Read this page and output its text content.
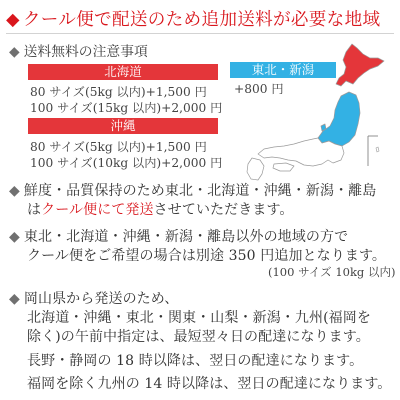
◆ クール便で配送のため追加送料が必要な地域
◆ 送料無料の注意事項
北海道
80 サイズ(5kg 以内)+1,500 円
100 サイズ(15kg 以内)+2,000 円
沖縄
80 サイズ(5kg 以内)+1,500 円
100 サイズ(10kg 以内)+2,000 円
東北・新潟
+800 円
◆ 鮮度・品質保持のため東北・北海道・沖縄・新潟・離島
はクール便にて発送させていただきます。
◆ 東北・北海道・沖縄・新潟・離島以外の地域の方で
クール便をご希望の場合は別途 350 円追加となります。
(100 サイズ 10kg 以内)
◆ 岡山県から発送のため、
北海道・沖縄・東北・関東・山梨・新潟・九州(福岡を
除く)の午前中指定は、最短翌々日の配達になります。
長野・静岡の 18 時以降は、翌日の配達になります。
福岡を除く九州の 14 時以降は、翌日の配達になります。
